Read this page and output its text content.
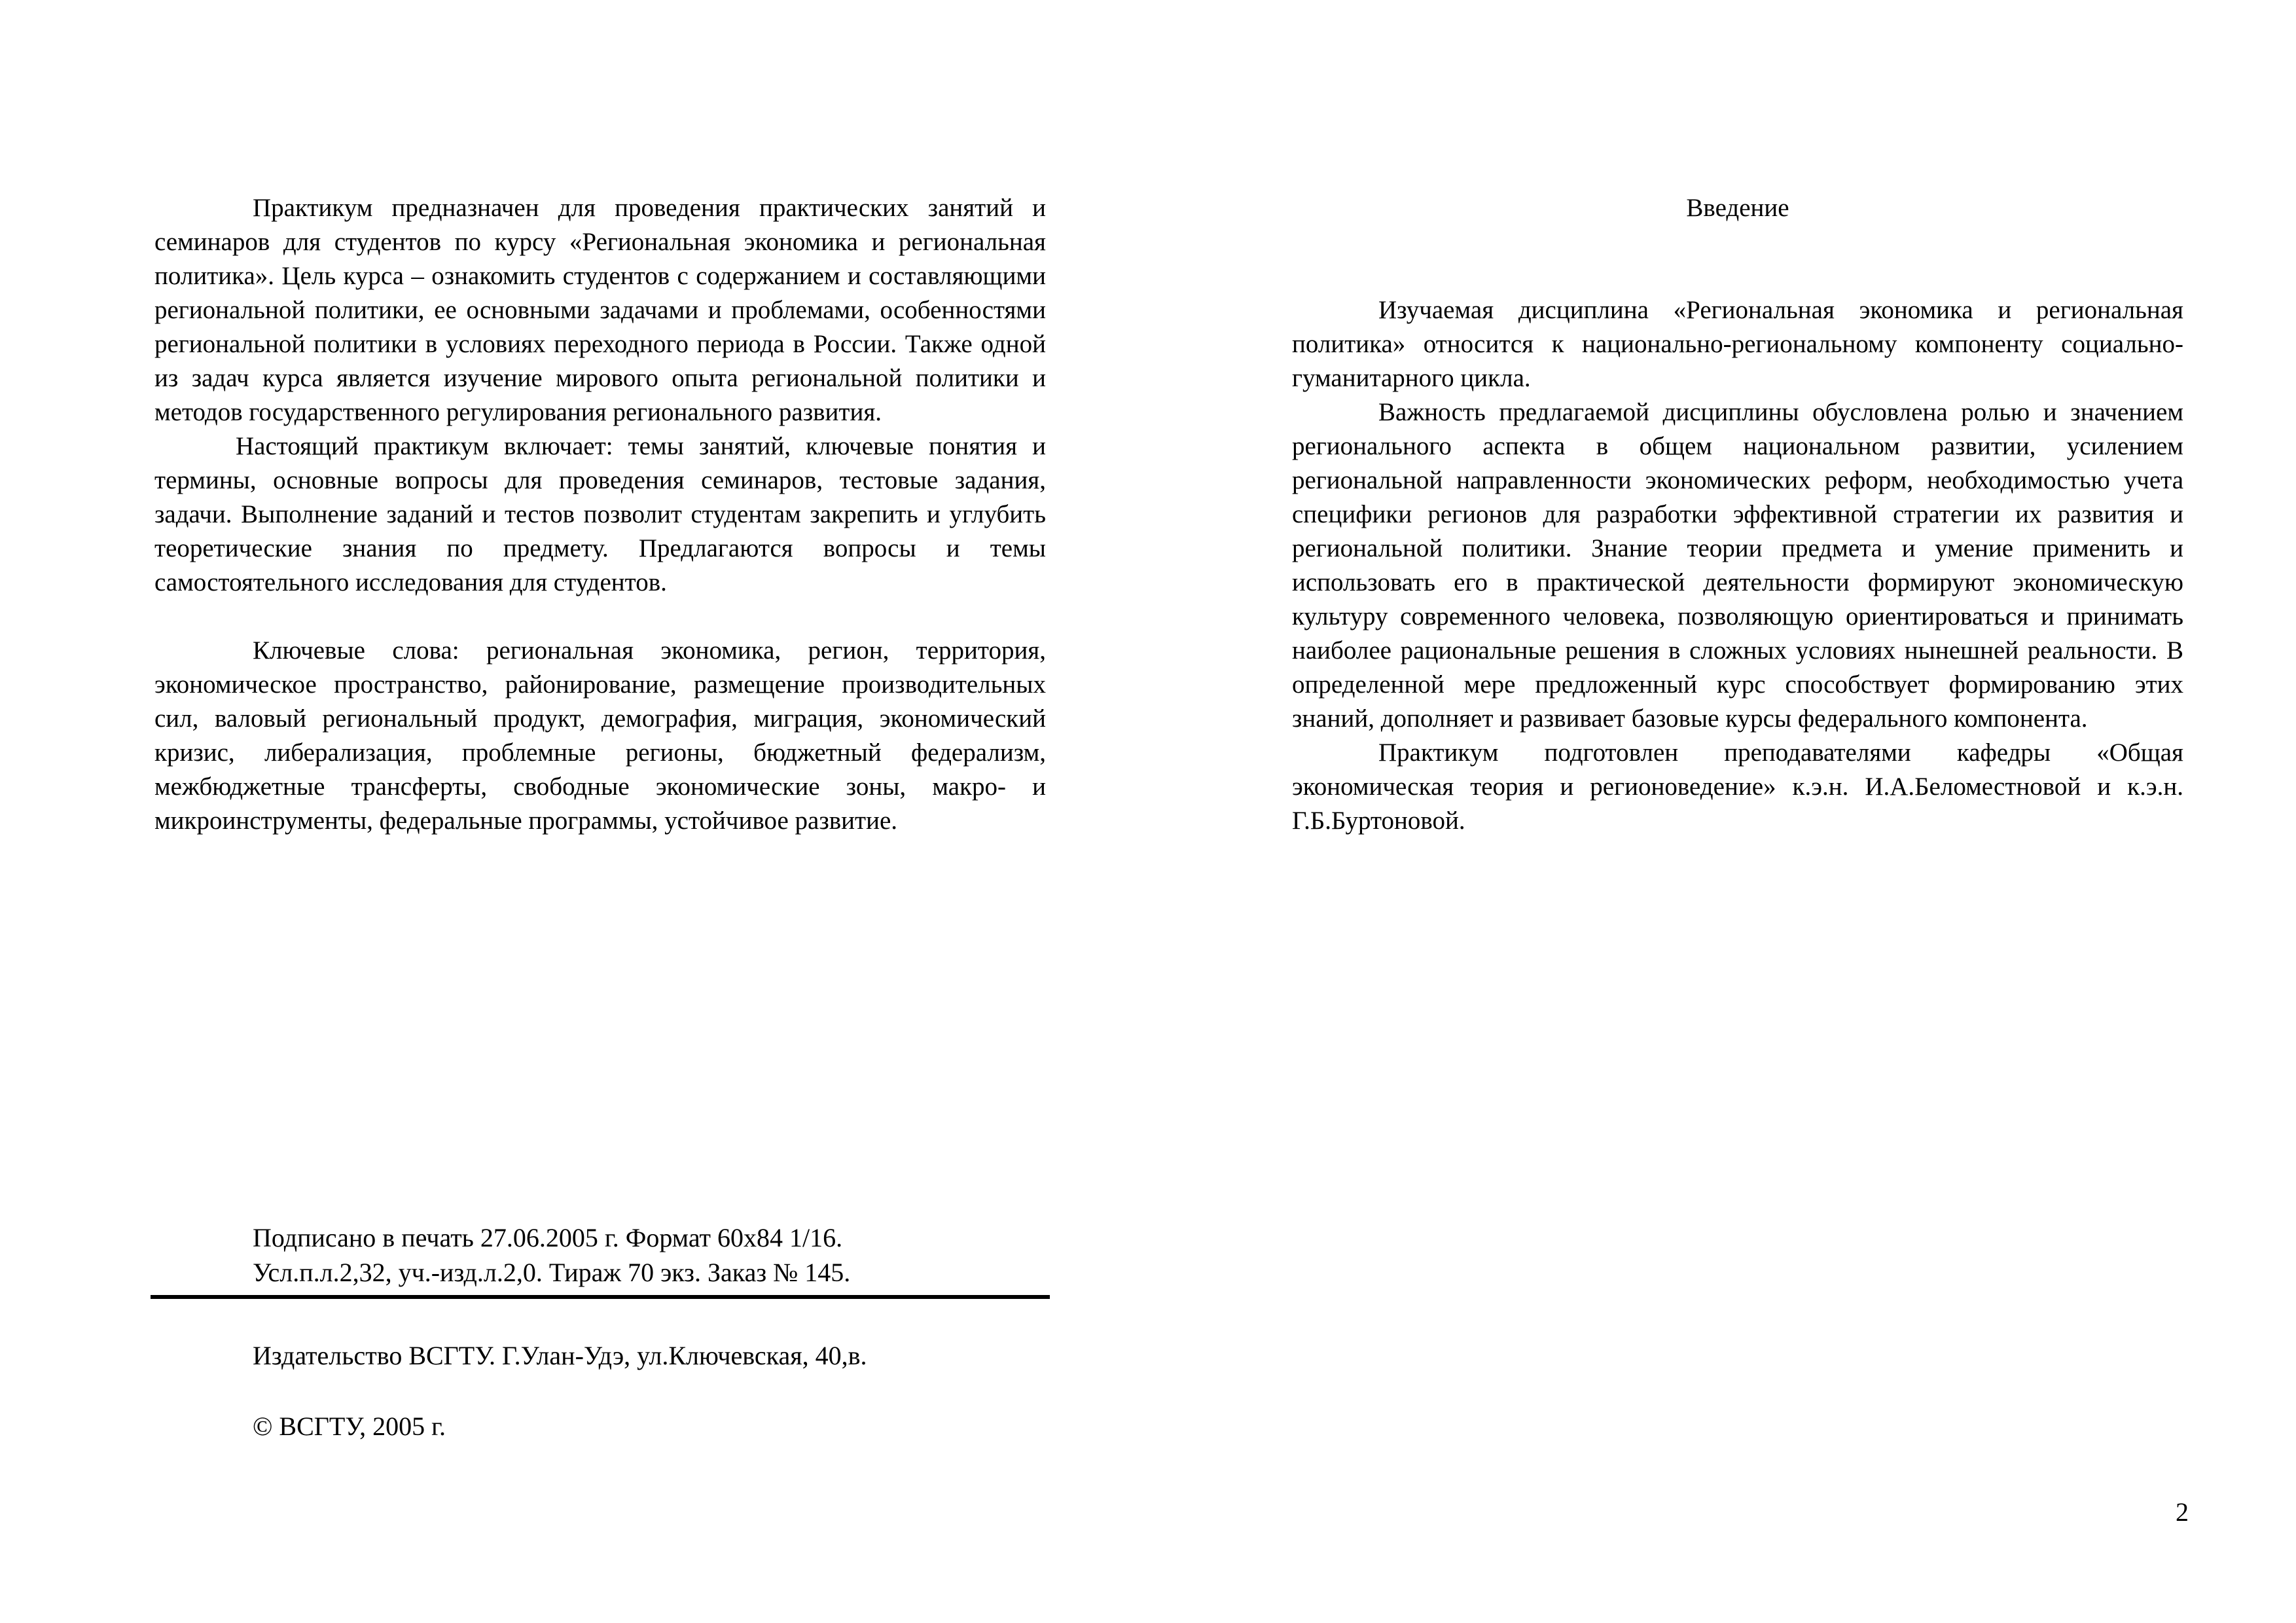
Практикум предназначен для проведения практических занятий и семинаров для студентов по курсу «Региональная экономика и региональная политика». Цель курса – ознакомить студентов с содержанием и составляющими региональной политики, ее основными задачами и проблемами, особенностями региональной политики в условиях переходного периода в России. Также одной из задач курса является изучение мирового опыта региональной политики и методов государственного регулирования регионального развития.

Настоящий практикум включает: темы занятий, ключевые понятия и термины, основные вопросы для проведения семинаров, тестовые задания, задачи. Выполнение заданий и тестов позволит студентам закрепить и углубить теоретические знания по предмету. Предлагаются вопросы и темы самостоятельного исследования для студентов.

Ключевые слова: региональная экономика, регион, территория, экономическое пространство, районирование, размещение производительных сил, валовый региональный продукт, демография, миграция, экономический кризис, либерализация, проблемные регионы, бюджетный федерализм, межбюджетные трансферты, свободные экономические зоны, макро- и микроинструменты, федеральные программы, устойчивое развитие.

Подписано в печать 27.06.2005 г. Формат 60х84 1/16.
Усл.п.л.2,32, уч.-изд.л.2,0. Тираж 70 экз. Заказ № 145.
Издательство ВСГТУ. Г.Улан-Удэ, ул.Ключевская, 40,в.
© ВСГТУ, 2005 г.
Введение

Изучаемая дисциплина «Региональная экономика и региональная политика» относится к национально-региональному компоненту социально-гуманитарного цикла.

Важность предлагаемой дисциплины обусловлена ролью и значением регионального аспекта в общем национальном развитии, усилением региональной направленности экономических реформ, необходимостью учета специфики регионов для разработки эффективной стратегии их развития и региональной политики. Знание теории предмета и умение применить и использовать его в практической деятельности формируют экономическую культуру современного человека, позволяющую ориентироваться и принимать наиболее рациональные решения в сложных условиях нынешней реальности. В определенной мере предложенный курс способствует формированию этих знаний, дополняет и развивает базовые курсы федерального компонента.

Практикум подготовлен преподавателями кафедры «Общая экономическая теория и регионоведение» к.э.н. И.А.Беломестновой и к.э.н. Г.Б.Буртоновой.

2
